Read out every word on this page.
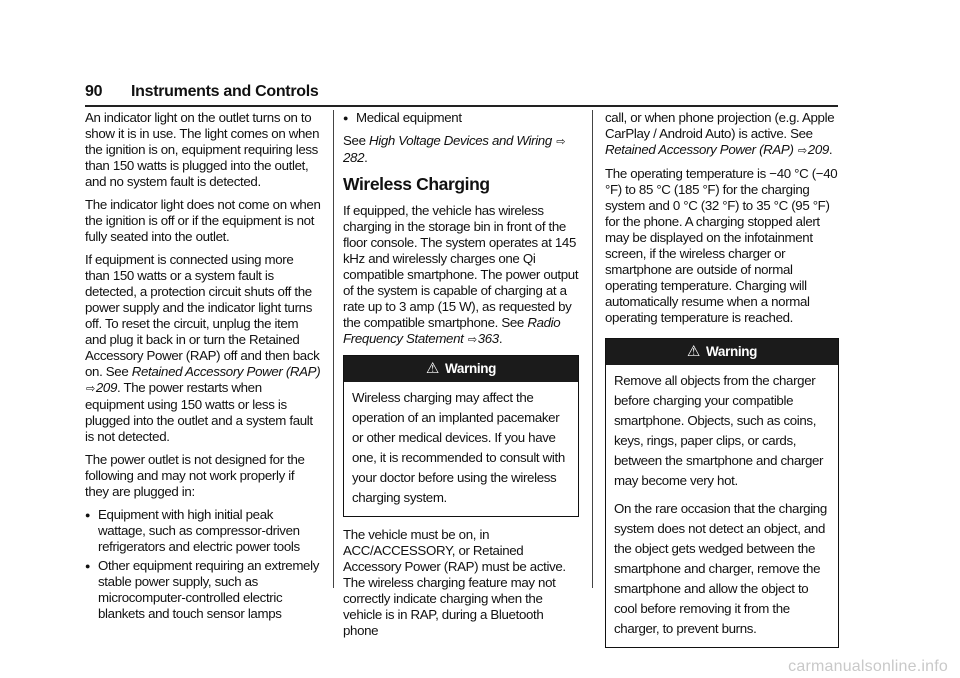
90 Instruments and Controls

An indicator light on the outlet turns on to show it is in use. The light comes on when the ignition is on, equipment requiring less than 150 watts is plugged into the outlet, and no system fault is detected.

The indicator light does not come on when the ignition is off or if the equipment is not fully seated into the outlet.

If equipment is connected using more than 150 watts or a system fault is detected, a protection circuit shuts off the power supply and the indicator light turns off. To reset the circuit, unplug the item and plug it back in or turn the Retained Accessory Power (RAP) off and then back on. See Retained Accessory Power (RAP) ⇨209. The power restarts when equipment using 150 watts or less is plugged into the outlet and a system fault is not detected.

The power outlet is not designed for the following and may not work properly if they are plugged in:

● Equipment with high initial peak wattage, such as compressor-driven refrigerators and electric power tools
● Other equipment requiring an extremely stable power supply, such as microcomputer-controlled electric blankets and touch sensor lamps
● Medical equipment

See High Voltage Devices and Wiring ⇨282.

Wireless Charging

If equipped, the vehicle has wireless charging in the storage bin in front of the floor console. The system operates at 145 kHz and wirelessly charges one Qi compatible smartphone. The power output of the system is capable of charging at a rate up to 3 amp (15 W), as requested by the compatible smartphone. See Radio Frequency Statement ⇨363.

⚠ Warning

Wireless charging may affect the operation of an implanted pacemaker or other medical devices. If you have one, it is recommended to consult with your doctor before using the wireless charging system.

The vehicle must be on, in ACC/ACCESSORY, or Retained Accessory Power (RAP) must be active. The wireless charging feature may not correctly indicate charging when the vehicle is in RAP, during a Bluetooth phone

call, or when phone projection (e.g. Apple CarPlay / Android Auto) is active. See Retained Accessory Power (RAP) ⇨209.

The operating temperature is −40 °C (−40 °F) to 85 °C (185 °F) for the charging system and 0 °C (32 °F) to 35 °C (95 °F) for the phone. A charging stopped alert may be displayed on the infotainment screen, if the wireless charger or smartphone are outside of normal operating temperature. Charging will automatically resume when a normal operating temperature is reached.

⚠ Warning

Remove all objects from the charger before charging your compatible smartphone. Objects, such as coins, keys, rings, paper clips, or cards, between the smartphone and charger may become very hot.

On the rare occasion that the charging system does not detect an object, and the object gets wedged between the smartphone and charger, remove the smartphone and allow the object to cool before removing it from the charger, to prevent burns.

carmanualsonline.info
